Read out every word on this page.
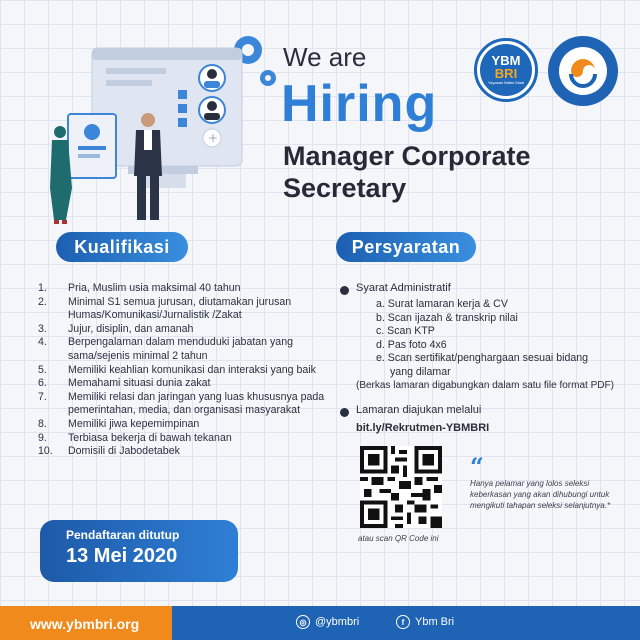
+
We are
Hiring
Manager Corporate Secretary
YBM
BRI
Yayasan Baitul Maal
Kualifikasi
1.	Pria, Muslim usia maksimal 40 tahun
2.	Minimal S1 semua jurusan, diutamakan jurusan Humas/Komunikasi/Jurnalistik /Zakat
3.	Jujur, disiplin, dan amanah
4.	Berpengalaman dalam menduduki jabatan yang sama/sejenis minimal 2 tahun
5.	Memiliki keahlian komunikasi dan interaksi yang baik
6.	Memahami situasi dunia zakat
7.	Memiliki relasi dan jaringan yang luas khususnya pada pemerintahan, media, dan organisasi masyarakat
8.	Memiliki jiwa kepemimpinan
9.	Terbiasa bekerja di bawah tekanan
10.	Domisili di Jabodetabek
Persyaratan
Syarat Administratif
a. Surat lamaran kerja & CV
b. Scan ijazah & transkrip nilai
c. Scan KTP
d. Pas foto 4x6
e. Scan sertifikat/penghargaan sesuai bidang
yang dilamar
(Berkas lamaran digabungkan dalam satu file format PDF)
Lamaran diajukan melalui
bit.ly/Rekrutmen-YBMBRI
atau scan QR Code ini
“
Hanya pelamar yang lolos seleksi keberkasan yang akan dihubungi untuk mengikuti tahapan seleksi selanjutnya.*
Pendaftaran ditutup
13 Mei 2020
www.ybmbri.org	◎ @ybmbri	f Ybm Bri
